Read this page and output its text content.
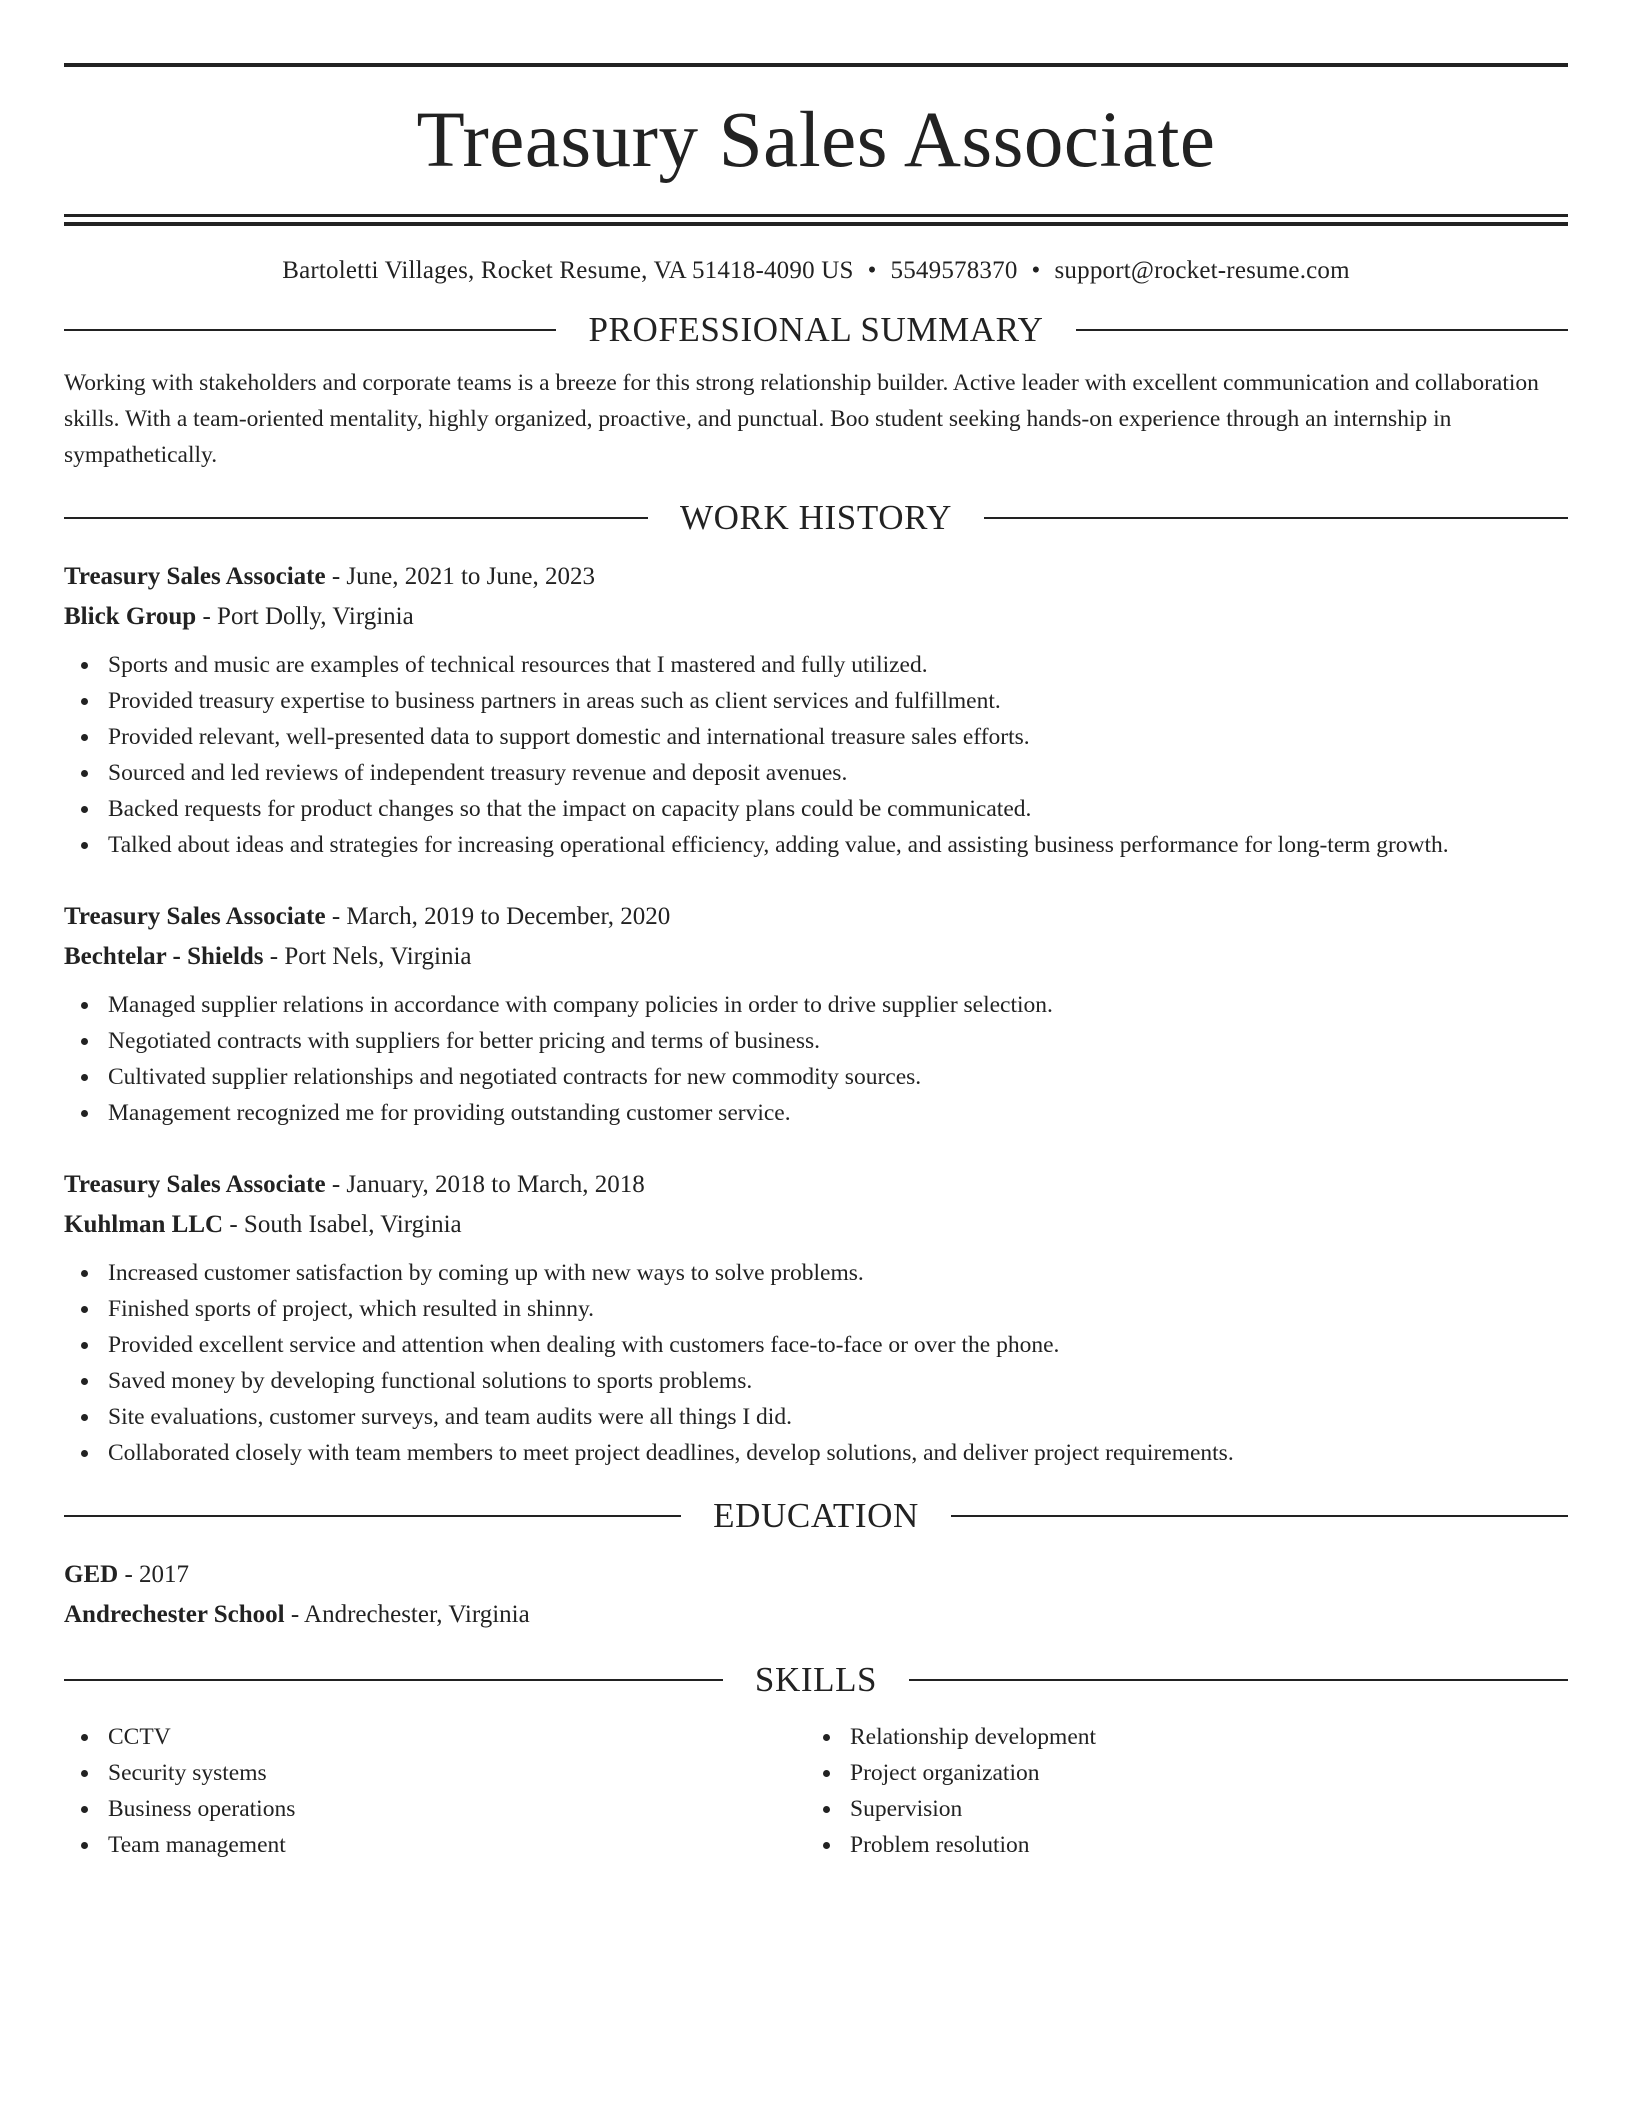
Treasury Sales Associate
Bartoletti Villages, Rocket Resume, VA 51418-4090 US • 5549578370 • support@rocket-resume.com
PROFESSIONAL SUMMARY
Working with stakeholders and corporate teams is a breeze for this strong relationship builder. Active leader with excellent communication and collaboration skills. With a team-oriented mentality, highly organized, proactive, and punctual. Boo student seeking hands-on experience through an internship in sympathetically.
WORK HISTORY
Treasury Sales Associate - June, 2021 to June, 2023
Blick Group - Port Dolly, Virginia
Sports and music are examples of technical resources that I mastered and fully utilized.
Provided treasury expertise to business partners in areas such as client services and fulfillment.
Provided relevant, well-presented data to support domestic and international treasure sales efforts.
Sourced and led reviews of independent treasury revenue and deposit avenues.
Backed requests for product changes so that the impact on capacity plans could be communicated.
Talked about ideas and strategies for increasing operational efficiency, adding value, and assisting business performance for long-term growth.
Treasury Sales Associate - March, 2019 to December, 2020
Bechtelar - Shields - Port Nels, Virginia
Managed supplier relations in accordance with company policies in order to drive supplier selection.
Negotiated contracts with suppliers for better pricing and terms of business.
Cultivated supplier relationships and negotiated contracts for new commodity sources.
Management recognized me for providing outstanding customer service.
Treasury Sales Associate - January, 2018 to March, 2018
Kuhlman LLC - South Isabel, Virginia
Increased customer satisfaction by coming up with new ways to solve problems.
Finished sports of project, which resulted in shinny.
Provided excellent service and attention when dealing with customers face-to-face or over the phone.
Saved money by developing functional solutions to sports problems.
Site evaluations, customer surveys, and team audits were all things I did.
Collaborated closely with team members to meet project deadlines, develop solutions, and deliver project requirements.
EDUCATION
GED - 2017
Andrechester School - Andrechester, Virginia
SKILLS
CCTV
Security systems
Business operations
Team management
Relationship development
Project organization
Supervision
Problem resolution
